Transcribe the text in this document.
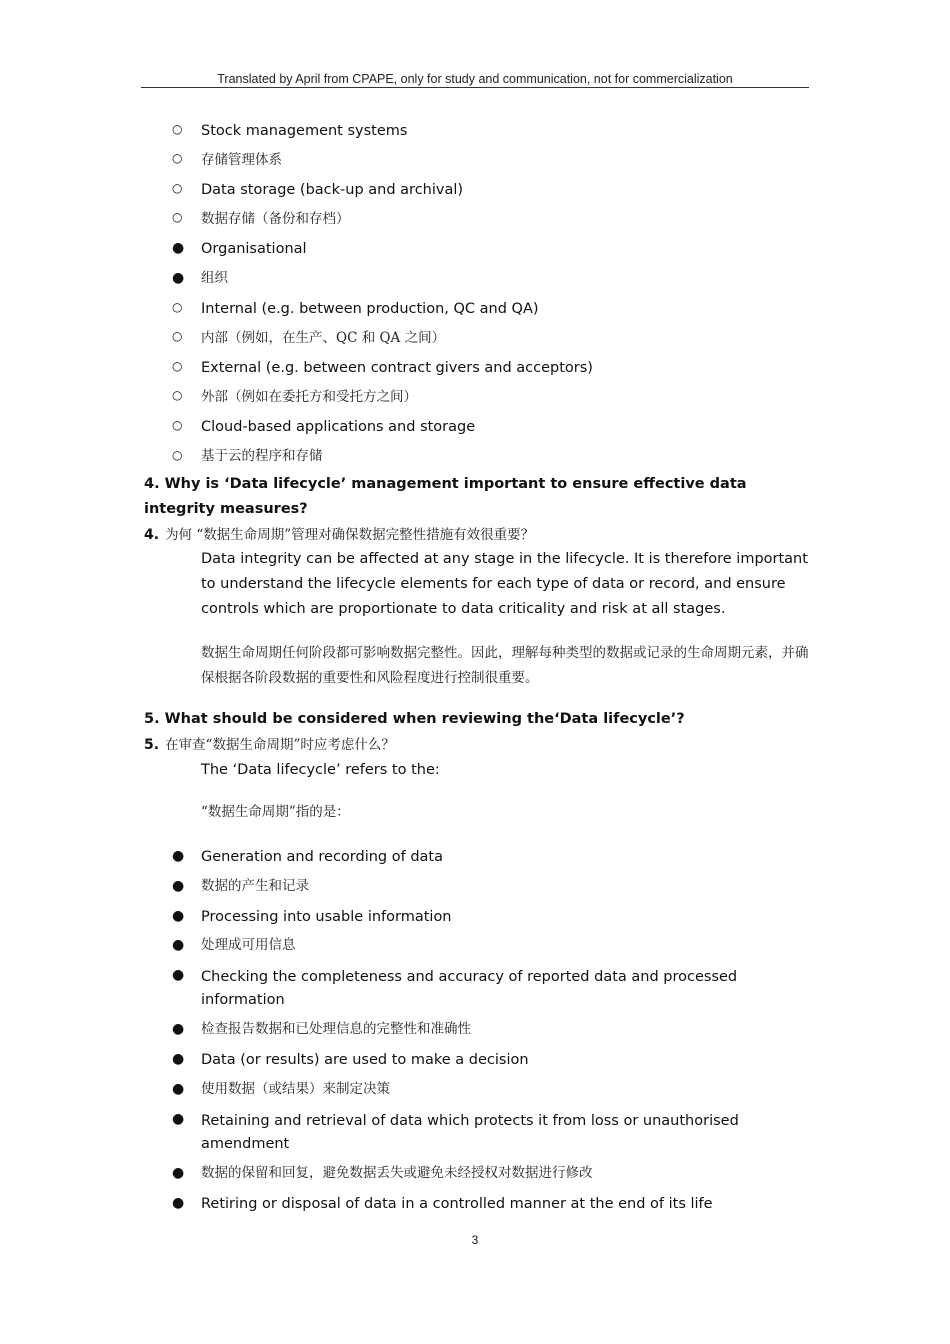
Translated by April from CPAPE, only for study and communication, not for commercialization
○ Stock management systems
○ 存储管理体系
○ Data storage (back-up and archival)
○ 数据存储（备份和存档）
● Organisational
● 组织
○ Internal (e.g. between production, QC and QA)
○ 内部（例如，在生产、QC 和 QA 之间）
○ External (e.g. between contract givers and acceptors)
○ 外部（例如在委托方和受托方之间）
○ Cloud-based applications and storage
○ 基于云的程序和存储
4. Why is ‘Data lifecycle’ management important to ensure effective data
integrity measures?
4. 为何 “数据生命周期”管理对确保数据完整性措施有效很重要？
Data integrity can be affected at any stage in the lifecycle. It is therefore important to understand the lifecycle elements for each type of data or record, and ensure controls which are proportionate to data criticality and risk at all stages.
数据生命周期任何阶段都可影响数据完整性。因此，理解每种类型的数据或记录的生命周期元素，并确保根据各阶段数据的重要性和风险程度进行控制很重要。
5. What should be considered when reviewing the‘Data lifecycle’?
5. 在审查“数据生命周期”时应考虑什么？
The ‘Data lifecycle’ refers to the:
“数据生命周期”指的是：
● Generation and recording of data
● 数据的产生和记录
● Processing into usable information
● 处理成可用信息
● Checking the completeness and accuracy of reported data and processed information
● 检查报告数据和已处理信息的完整性和准确性
● Data (or results) are used to make a decision
● 使用数据（或结果）来制定决策
● Retaining and retrieval of data which protects it from loss or unauthorised amendment
● 数据的保留和回复，避免数据丢失或避免未经授权对数据进行修改
● Retiring or disposal of data in a controlled manner at the end of its life
3
